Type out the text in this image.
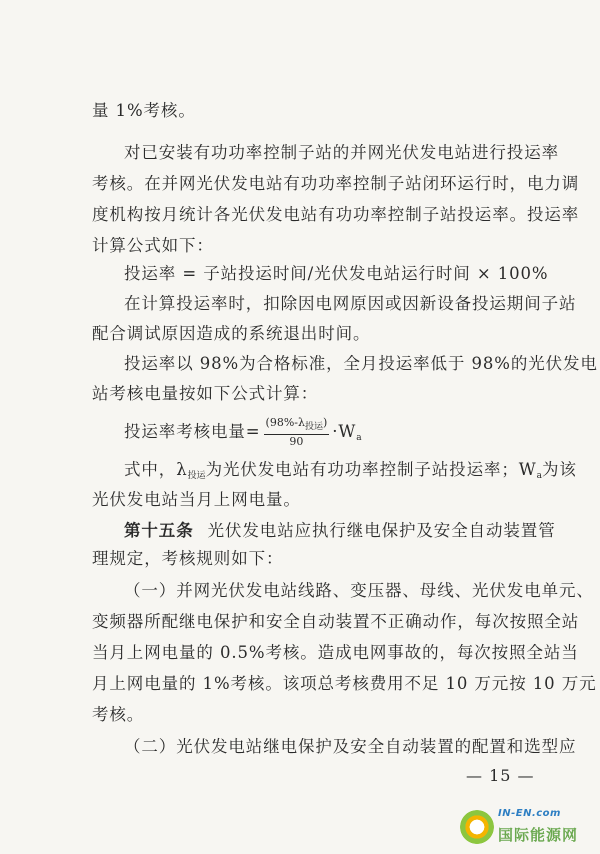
量 1%考核。
对已安装有功功率控制子站的并网光伏发电站进行投运率
考核。在并网光伏发电站有功功率控制子站闭环运行时，电力调
度机构按月统计各光伏发电站有功功率控制子站投运率。投运率
计算公式如下：
投运率 = 子站投运时间/光伏发电站运行时间 × 100%
在计算投运率时，扣除因电网原因或因新设备投运期间子站
配合调试原因造成的系统退出时间。
投运率以 98%为合格标准，全月投运率低于 98%的光伏发电
站考核电量按如下公式计算：
投运率考核电量= $\frac{(98\%-\lambda_{投运})}{90} \cdot W_a$
式中，$\lambda_{投运}$为光伏发电站有功功率控制子站投运率；$W_a$为该
光伏发电站当月上网电量。
第十五条 光伏发电站应执行继电保护及安全自动装置管
理规定，考核规则如下：
（一）并网光伏发电站线路、变压器、母线、光伏发电单元、
变频器所配继电保护和安全自动装置不正确动作，每次按照全站
当月上网电量的 0.5%考核。造成电网事故的，每次按照全站当
月上网电量的 1%考核。该项总考核费用不足 10 万元按 10 万元
考核。
（二）光伏发电站继电保护及安全自动装置的配置和选型应
— 15 —
IN-EN.com
国际能源网
